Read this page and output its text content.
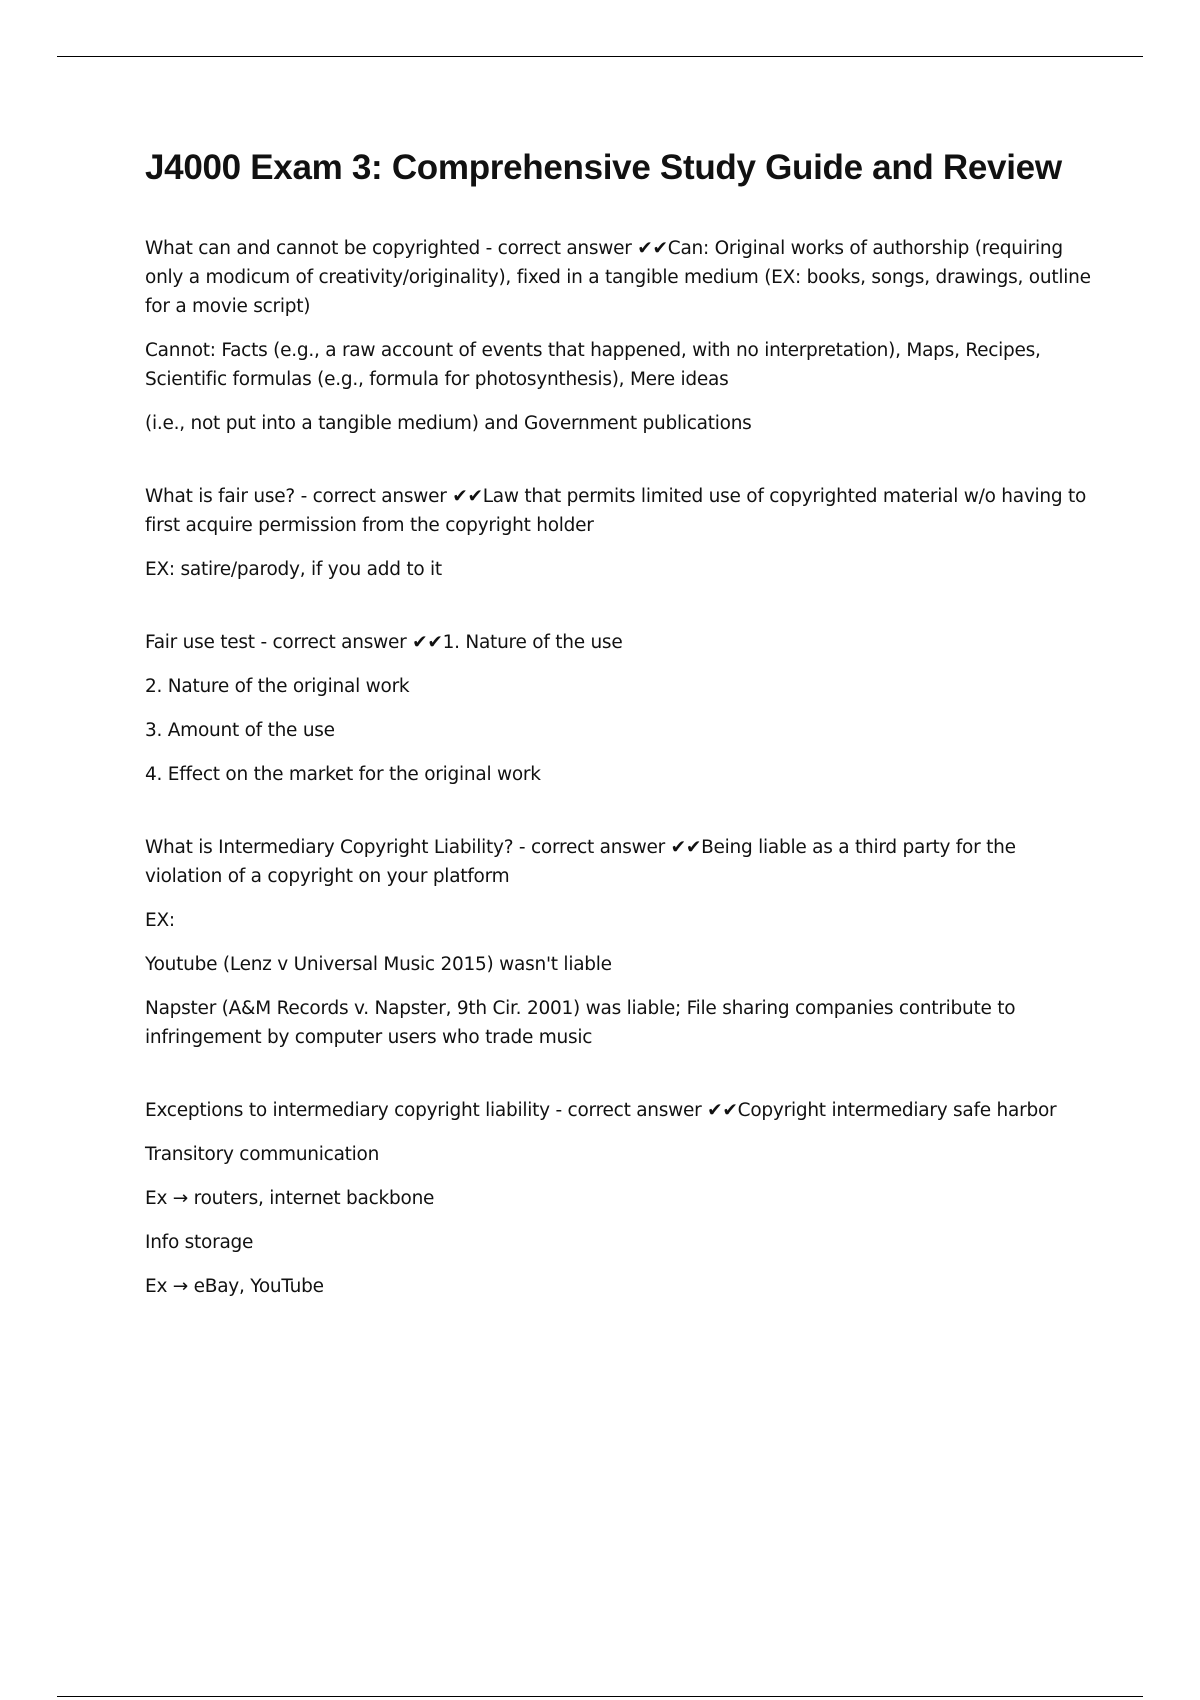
J4000 Exam 3: Comprehensive Study Guide and Review

What can and cannot be copyrighted - correct answer ✔✔Can: Original works of authorship (requiring only a modicum of creativity/originality), fixed in a tangible medium (EX: books, songs, drawings, outline for a movie script)

Cannot: Facts (e.g., a raw account of events that happened, with no interpretation), Maps, Recipes, Scientific formulas (e.g., formula for photosynthesis), Mere ideas

(i.e., not put into a tangible medium) and Government publications

What is fair use? - correct answer ✔✔Law that permits limited use of copyrighted material w/o having to first acquire permission from the copyright holder

EX: satire/parody, if you add to it

Fair use test - correct answer ✔✔1. Nature of the use

2. Nature of the original work

3. Amount of the use

4. Effect on the market for the original work

What is Intermediary Copyright Liability? - correct answer ✔✔Being liable as a third party for the violation of a copyright on your platform

EX:

Youtube (Lenz v Universal Music 2015) wasn't liable

Napster (A&M Records v. Napster, 9th Cir. 2001) was liable; File sharing companies contribute to infringement by computer users who trade music

Exceptions to intermediary copyright liability - correct answer ✔✔Copyright intermediary safe harbor

Transitory communication

Ex → routers, internet backbone

Info storage

Ex → eBay, YouTube
